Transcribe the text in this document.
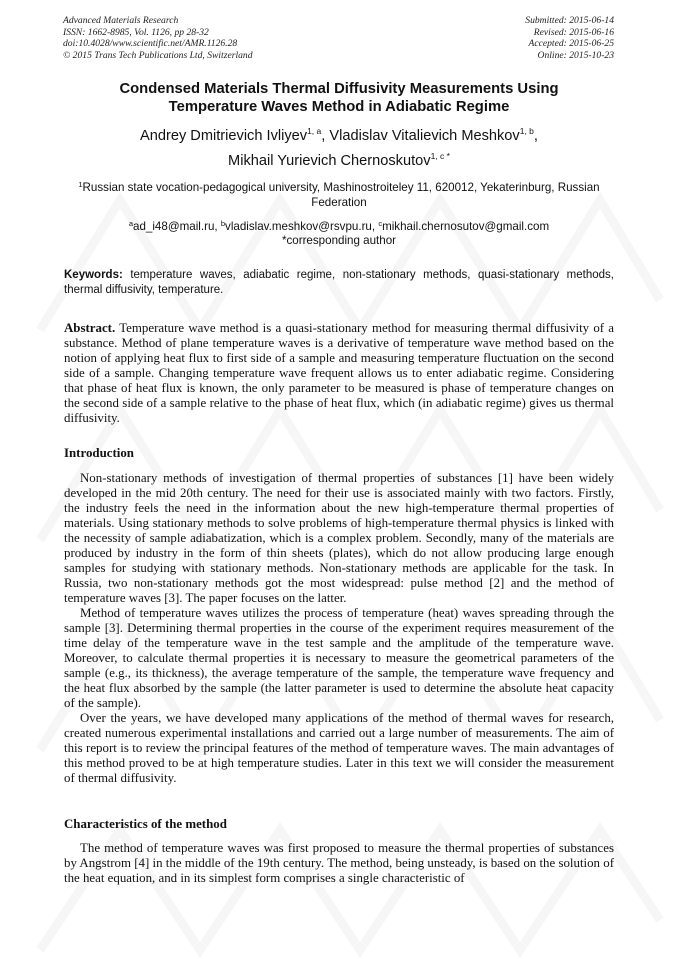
Advanced Materials Research
ISSN: 1662-8985, Vol. 1126, pp 28-32
doi:10.4028/www.scientific.net/AMR.1126.28
© 2015 Trans Tech Publications Ltd, Switzerland
Submitted: 2015-06-14
Revised: 2015-06-16
Accepted: 2015-06-25
Online: 2015-10-23
Condensed Materials Thermal Diffusivity Measurements Using
Temperature Waves Method in Adiabatic Regime
Andrey Dmitrievich Ivliyev$^{1, a}$, Vladislav Vitalievich Meshkov$^{1, b}$,
Mikhail Yurievich Chernoskutov$^{1, c *}$
$^1$Russian state vocation-pedagogical university, Mashinostroiteley 11, 620012, Yekaterinburg, Russian Federation
$^a$ad_i48@mail.ru, $^b$vladislav.meshkov@rsvpu.ru, $^c$mikhail.chernosutov@gmail.com
*corresponding author
Keywords: temperature waves, adiabatic regime, non-stationary methods, quasi-stationary methods, thermal diffusivity, temperature.
Abstract. Temperature wave method is a quasi-stationary method for measuring thermal diffusivity of a substance. Method of plane temperature waves is a derivative of temperature wave method based on the notion of applying heat flux to first side of a sample and measuring temperature fluctuation on the second side of a sample. Changing temperature wave frequent allows us to enter adiabatic regime. Considering that phase of heat flux is known, the only parameter to be measured is phase of temperature changes on the second side of a sample relative to the phase of heat flux, which (in adiabatic regime) gives us thermal diffusivity.
Introduction

Non-stationary methods of investigation of thermal properties of substances [1] have been widely developed in the mid 20th century. The need for their use is associated mainly with two factors. Firstly, the industry feels the need in the information about the new high-temperature thermal properties of materials. Using stationary methods to solve problems of high-temperature thermal physics is linked with the necessity of sample adiabatization, which is a complex problem. Secondly, many of the materials are produced by industry in the form of thin sheets (plates), which do not allow producing large enough samples for studying with stationary methods. Non-stationary methods are applicable for the task. In Russia, two non-stationary methods got the most widespread: pulse method [2] and the method of temperature waves [3]. The paper focuses on the latter.

Method of temperature waves utilizes the process of temperature (heat) waves spreading through the sample [3]. Determining thermal properties in the course of the experiment requires measurement of the time delay of the temperature wave in the test sample and the amplitude of the temperature wave. Moreover, to calculate thermal properties it is necessary to measure the geometrical parameters of the sample (e.g., its thickness), the average temperature of the sample, the temperature wave frequency and the heat flux absorbed by the sample (the latter parameter is used to determine the absolute heat capacity of the sample).

Over the years, we have developed many applications of the method of thermal waves for research, created numerous experimental installations and carried out a large number of measurements. The aim of this report is to review the principal features of the method of temperature waves. The main advantages of this method proved to be at high temperature studies. Later in this text we will consider the measurement of thermal diffusivity.

Characteristics of the method

The method of temperature waves was first proposed to measure the thermal properties of substances by Angstrom [4] in the middle of the 19th century. The method, being unsteady, is based on the solution of the heat equation, and in its simplest form comprises a single characteristic of
